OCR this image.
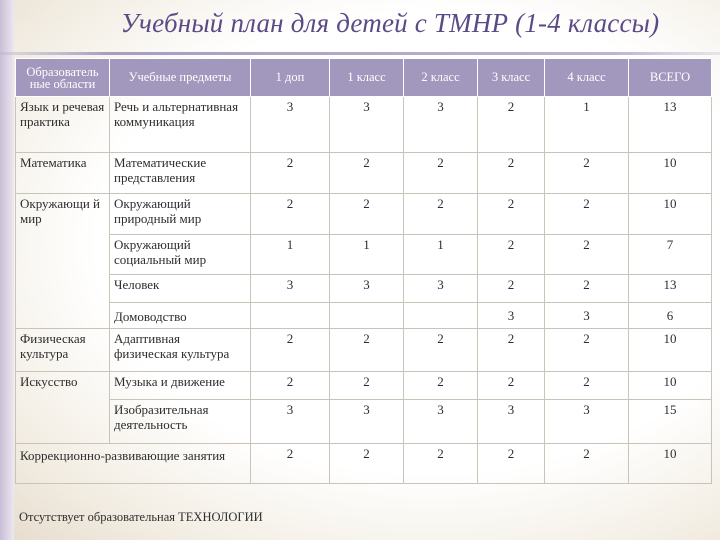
Учебный план для детей с ТМНР (1-4 классы)
Образователь ные области	Учебные предметы	1 доп	1 класс	2 класс	3 класс	4 класс	ВСЕГО
Язык и речевая практика	Речь и альтернативная коммуникация	3	3	3	2	1	13
Математика	Математические представления	2	2	2	2	2	10
Окружающи й мир	Окружающий природный мир	2	2	2	2	2	10
	Окружающий социальный мир	1	1	1	2	2	7
	Человек	3	3	3	2	2	13
	Домоводство				3	3	6
Физическая культура	Адаптивная физическая культура	2	2	2	2	2	10
Искусство	Музыка и движение	2	2	2	2	2	10
	Изобразительная деятельность	3	3	3	3	3	15
Коррекционно-развивающие занятия		2	2	2	2	2	10
Отсутствует образовательная ТЕХНОЛОГИИ
